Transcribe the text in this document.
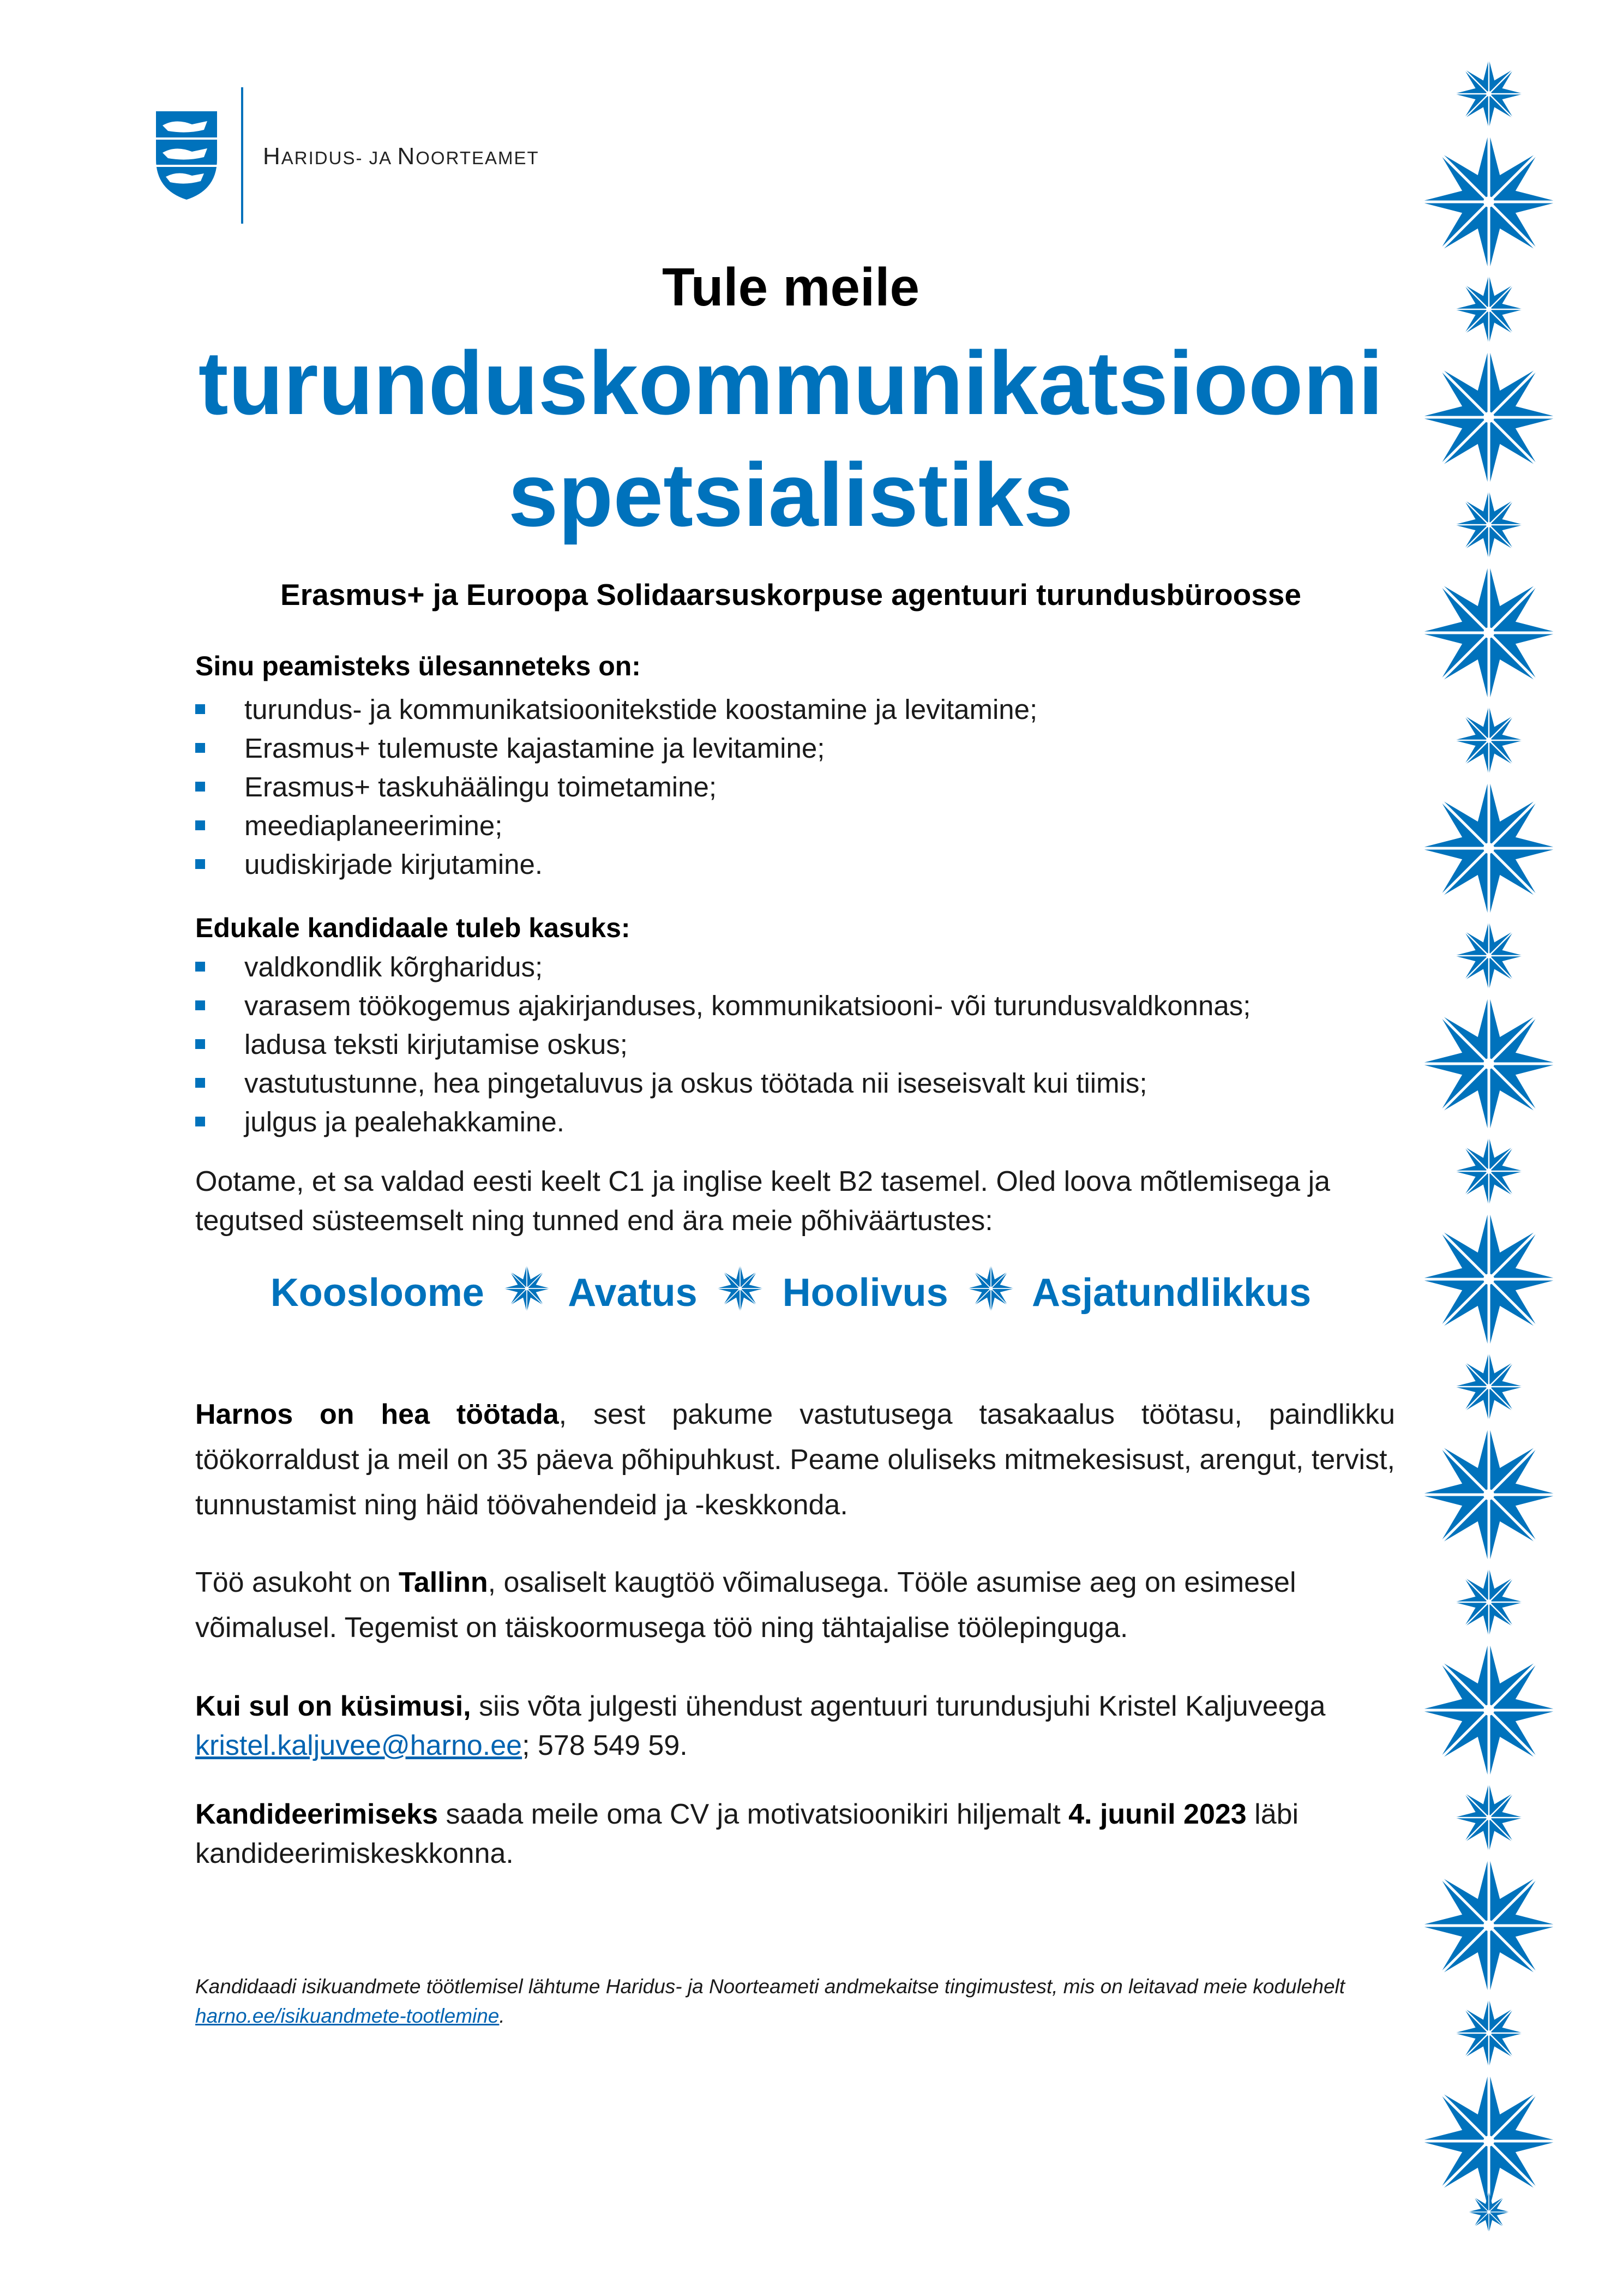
HARIDUS- JA NOORTEAMET
Tule meile
turunduskommunikatsiooni
spetsialistiks
Erasmus+ ja Euroopa Solidaarsuskorpuse agentuuri turundusbüroosse
Sinu peamisteks ülesanneteks on:
turundus- ja kommunikatsioonitekstide koostamine ja levitamine;
Erasmus+ tulemuste kajastamine ja levitamine;
Erasmus+ taskuhäälingu toimetamine;
meediaplaneerimine;
uudiskirjade kirjutamine.
Edukale kandidaale tuleb kasuks:
valdkondlik kõrgharidus;
varasem töökogemus ajakirjanduses, kommunikatsiooni- või turundusvaldkonnas;
ladusa teksti kirjutamise oskus;
vastutustunne, hea pingetaluvus ja oskus töötada nii iseseisvalt kui tiimis;
julgus ja pealehakkamine.
Ootame, et sa valdad eesti keelt C1 ja inglise keelt B2 tasemel. Oled loova mõtlemisega ja tegutsed süsteemselt ning tunned end ära meie põhiväärtustes:
Koosloome Avatus Hoolivus Asjatundlikkus
Harnos on hea töötada, sest pakume vastutusega tasakaalus töötasu, paindlikku töökorraldust ja meil on 35 päeva põhipuhkust. Peame oluliseks mitmekesisust, arengut, tervist, tunnustamist ning häid töövahendeid ja -keskkonda.
Töö asukoht on Tallinn, osaliselt kaugtöö võimalusega. Tööle asumise aeg on esimesel võimalusel. Tegemist on täiskoormusega töö ning tähtajalise töölepinguga.
Kui sul on küsimusi, siis võta julgesti ühendust agentuuri turundusjuhi Kristel Kaljuveega
kristel.kaljuvee@harno.ee; 578 549 59.
Kandideerimiseks saada meile oma CV ja motivatsioonikiri hiljemalt 4. juunil 2023 läbi kandideerimiskeskkonna.
Kandidaadi isikuandmete töötlemisel lähtume Haridus- ja Noorteameti andmekaitse tingimustest, mis on leitavad meie kodulehelt harno.ee/isikuandmete-tootlemine.
